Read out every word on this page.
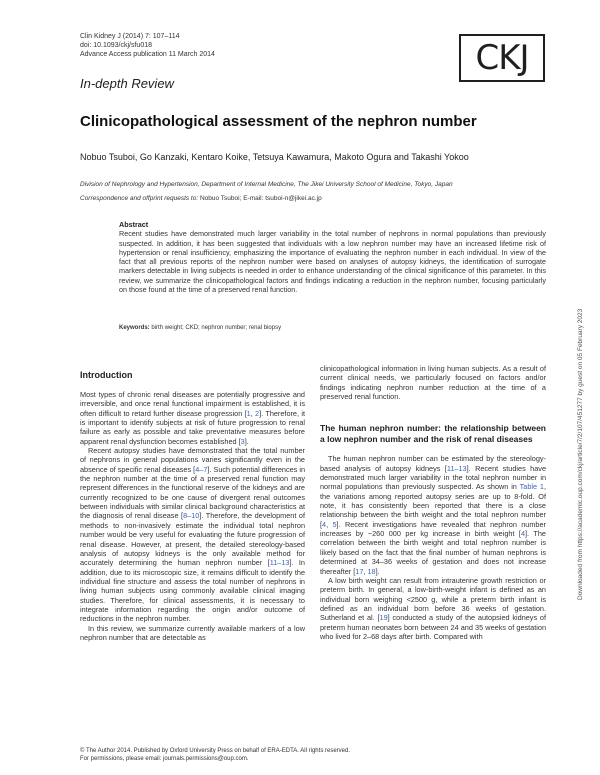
Clin Kidney J (2014) 7: 107–114
doi: 10.1093/ckj/sfu018
Advance Access publication 11 March 2014
In-depth Review
CKJ
Clinicopathological assessment of the nephron number
Nobuo Tsuboi, Go Kanzaki, Kentaro Koike, Tetsuya Kawamura, Makoto Ogura and Takashi Yokoo
Division of Nephrology and Hypertension, Department of Internal Medicine, The Jikei University School of Medicine, Tokyo, Japan
Correspondence and offprint requests to: Nobuo Tsuboi; E-mail: tsuboi-n@jikei.ac.jp
Abstract
Recent studies have demonstrated much larger variability in the total number of nephrons in normal populations than previously suspected. In addition, it has been suggested that individuals with a low nephron number may have an increased lifetime risk of hypertension or renal insufficiency, emphasizing the importance of evaluating the nephron number in each individual. In view of the fact that all previous reports of the nephron number were based on analyses of autopsy kidneys, the identification of surrogate markers detectable in living subjects is needed in order to enhance understanding of the clinical significance of this parameter. In this review, we summarize the clinicopathological factors and findings indicating a reduction in the nephron number, focusing particularly on those found at the time of a preserved renal function.
Keywords: birth weight; CKD; nephron number; renal biopsy
Introduction

Most types of chronic renal diseases are potentially progressive and irreversible, and once renal functional impairment is established, it is often difficult to retard further disease progression [1, 2]. Therefore, it is important to identify subjects at risk of future progression to renal failure as early as possible and take preventative measures before apparent renal dysfunction becomes established [3].

Recent autopsy studies have demonstrated that the total number of nephrons in general populations varies significantly even in the absence of specific renal diseases [4–7]. Such potential differences in the nephron number at the time of a preserved renal function may represent differences in the functional reserve of the kidneys and are currently recognized to be one cause of divergent renal outcomes between individuals with similar clinical background characteristics at the diagnosis of renal disease [8–10]. Therefore, the development of methods to non-invasively estimate the individual total nephron number would be very useful for evaluating the future progression of renal disease. However, at present, the detailed stereology-based analysis of autopsy kidneys is the only available method for accurately determining the human nephron number [11–13]. In addition, due to its microscopic size, it remains difficult to identify the individual fine structure and assess the total number of nephrons in living human subjects using commonly available clinical imaging studies. Therefore, for clinical assessments, it is necessary to integrate information regarding the origin and/or outcome of reductions in the nephron number.

In this review, we summarize currently available markers of a low nephron number that are detectable as

clinicopathological information in living human subjects. As a result of current clinical needs, we particularly focused on factors and/or findings indicating nephron number reduction at the time of a preserved renal function.

The human nephron number: the relationship between a low nephron number and the risk of renal diseases

The human nephron number can be estimated by the stereology-based analysis of autopsy kidneys [11–13]. Recent studies have demonstrated much larger variability in the total nephron number in normal populations than previously suspected. As shown in Table 1, the variations among reported autopsy series are up to 8-fold. Of note, it has consistently been reported that there is a close relationship between the birth weight and the total nephron number [4, 5]. Recent investigations have revealed that nephron number increases by ~260 000 per kg increase in birth weight [4]. The correlation between the birth weight and total nephron number is likely based on the fact that the final number of human nephrons is determined at 34–36 weeks of gestation and does not increase thereafter [17, 18].

A low birth weight can result from intrauterine growth restriction or preterm birth. In general, a low-birth-weight infant is defined as an individual born weighing <2500 g, while a preterm birth infant is defined as an individual born before 36 weeks of gestation. Sutherland et al. [19] conducted a study of the autopsied kidneys of preterm human neonates born between 24 and 35 weeks of gestation who lived for 2–68 days after birth. Compared with

© The Author 2014. Published by Oxford University Press on behalf of ERA-EDTA. All rights reserved.
For permissions, please email: journals.permissions@oup.com.
Downloaded from https://academic.oup.com/ckj/article/7/2/107/451277 by guest on 05 February 2023
